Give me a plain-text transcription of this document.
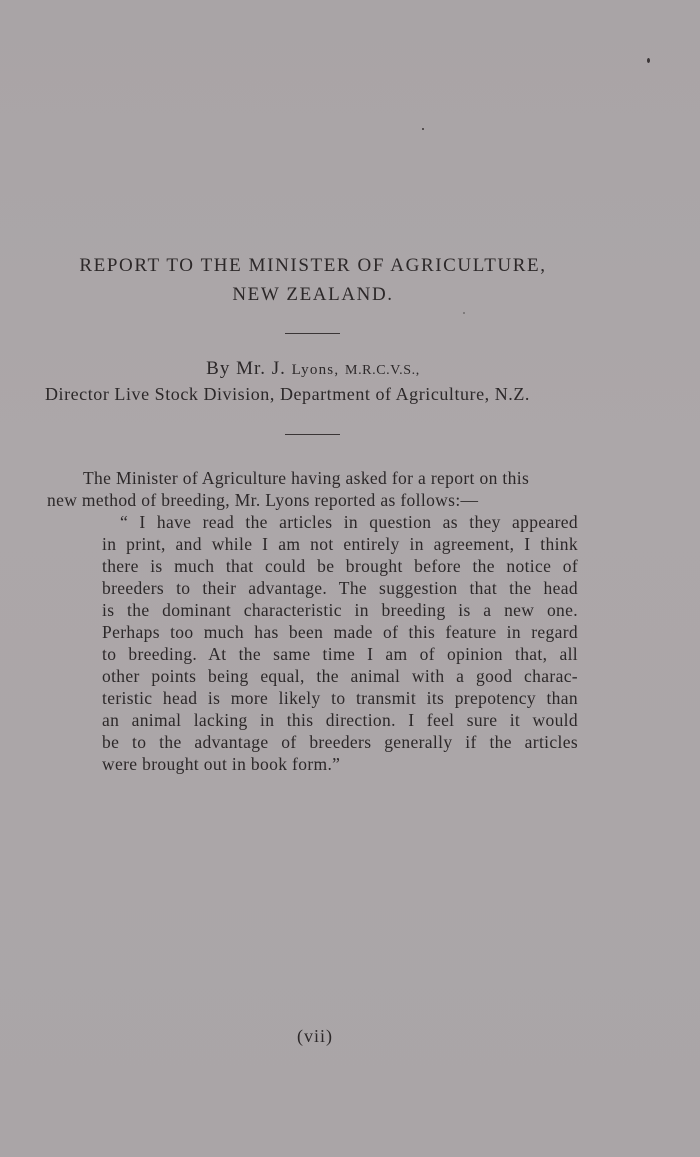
REPORT TO THE MINISTER OF AGRICULTURE,
NEW ZEALAND.
By Mr. J. Lyons, M.R.C.V.S.,
Director Live Stock Division, Department of Agriculture, N.Z.
The Minister of Agriculture having asked for a report on this
new method of breeding, Mr. Lyons reported as follows:—
“ I have read the articles in question as they appeared
in print, and while I am not entirely in agreement, I think
there is much that could be brought before the notice of
breeders to their advantage. The suggestion that the head
is the dominant characteristic in breeding is a new one.
Perhaps too much has been made of this feature in regard
to breeding. At the same time I am of opinion that, all
other points being equal, the animal with a good charac-
teristic head is more likely to transmit its prepotency than
an animal lacking in this direction. I feel sure it would
be to the advantage of breeders generally if the articles
were brought out in book form.”
(vii)
